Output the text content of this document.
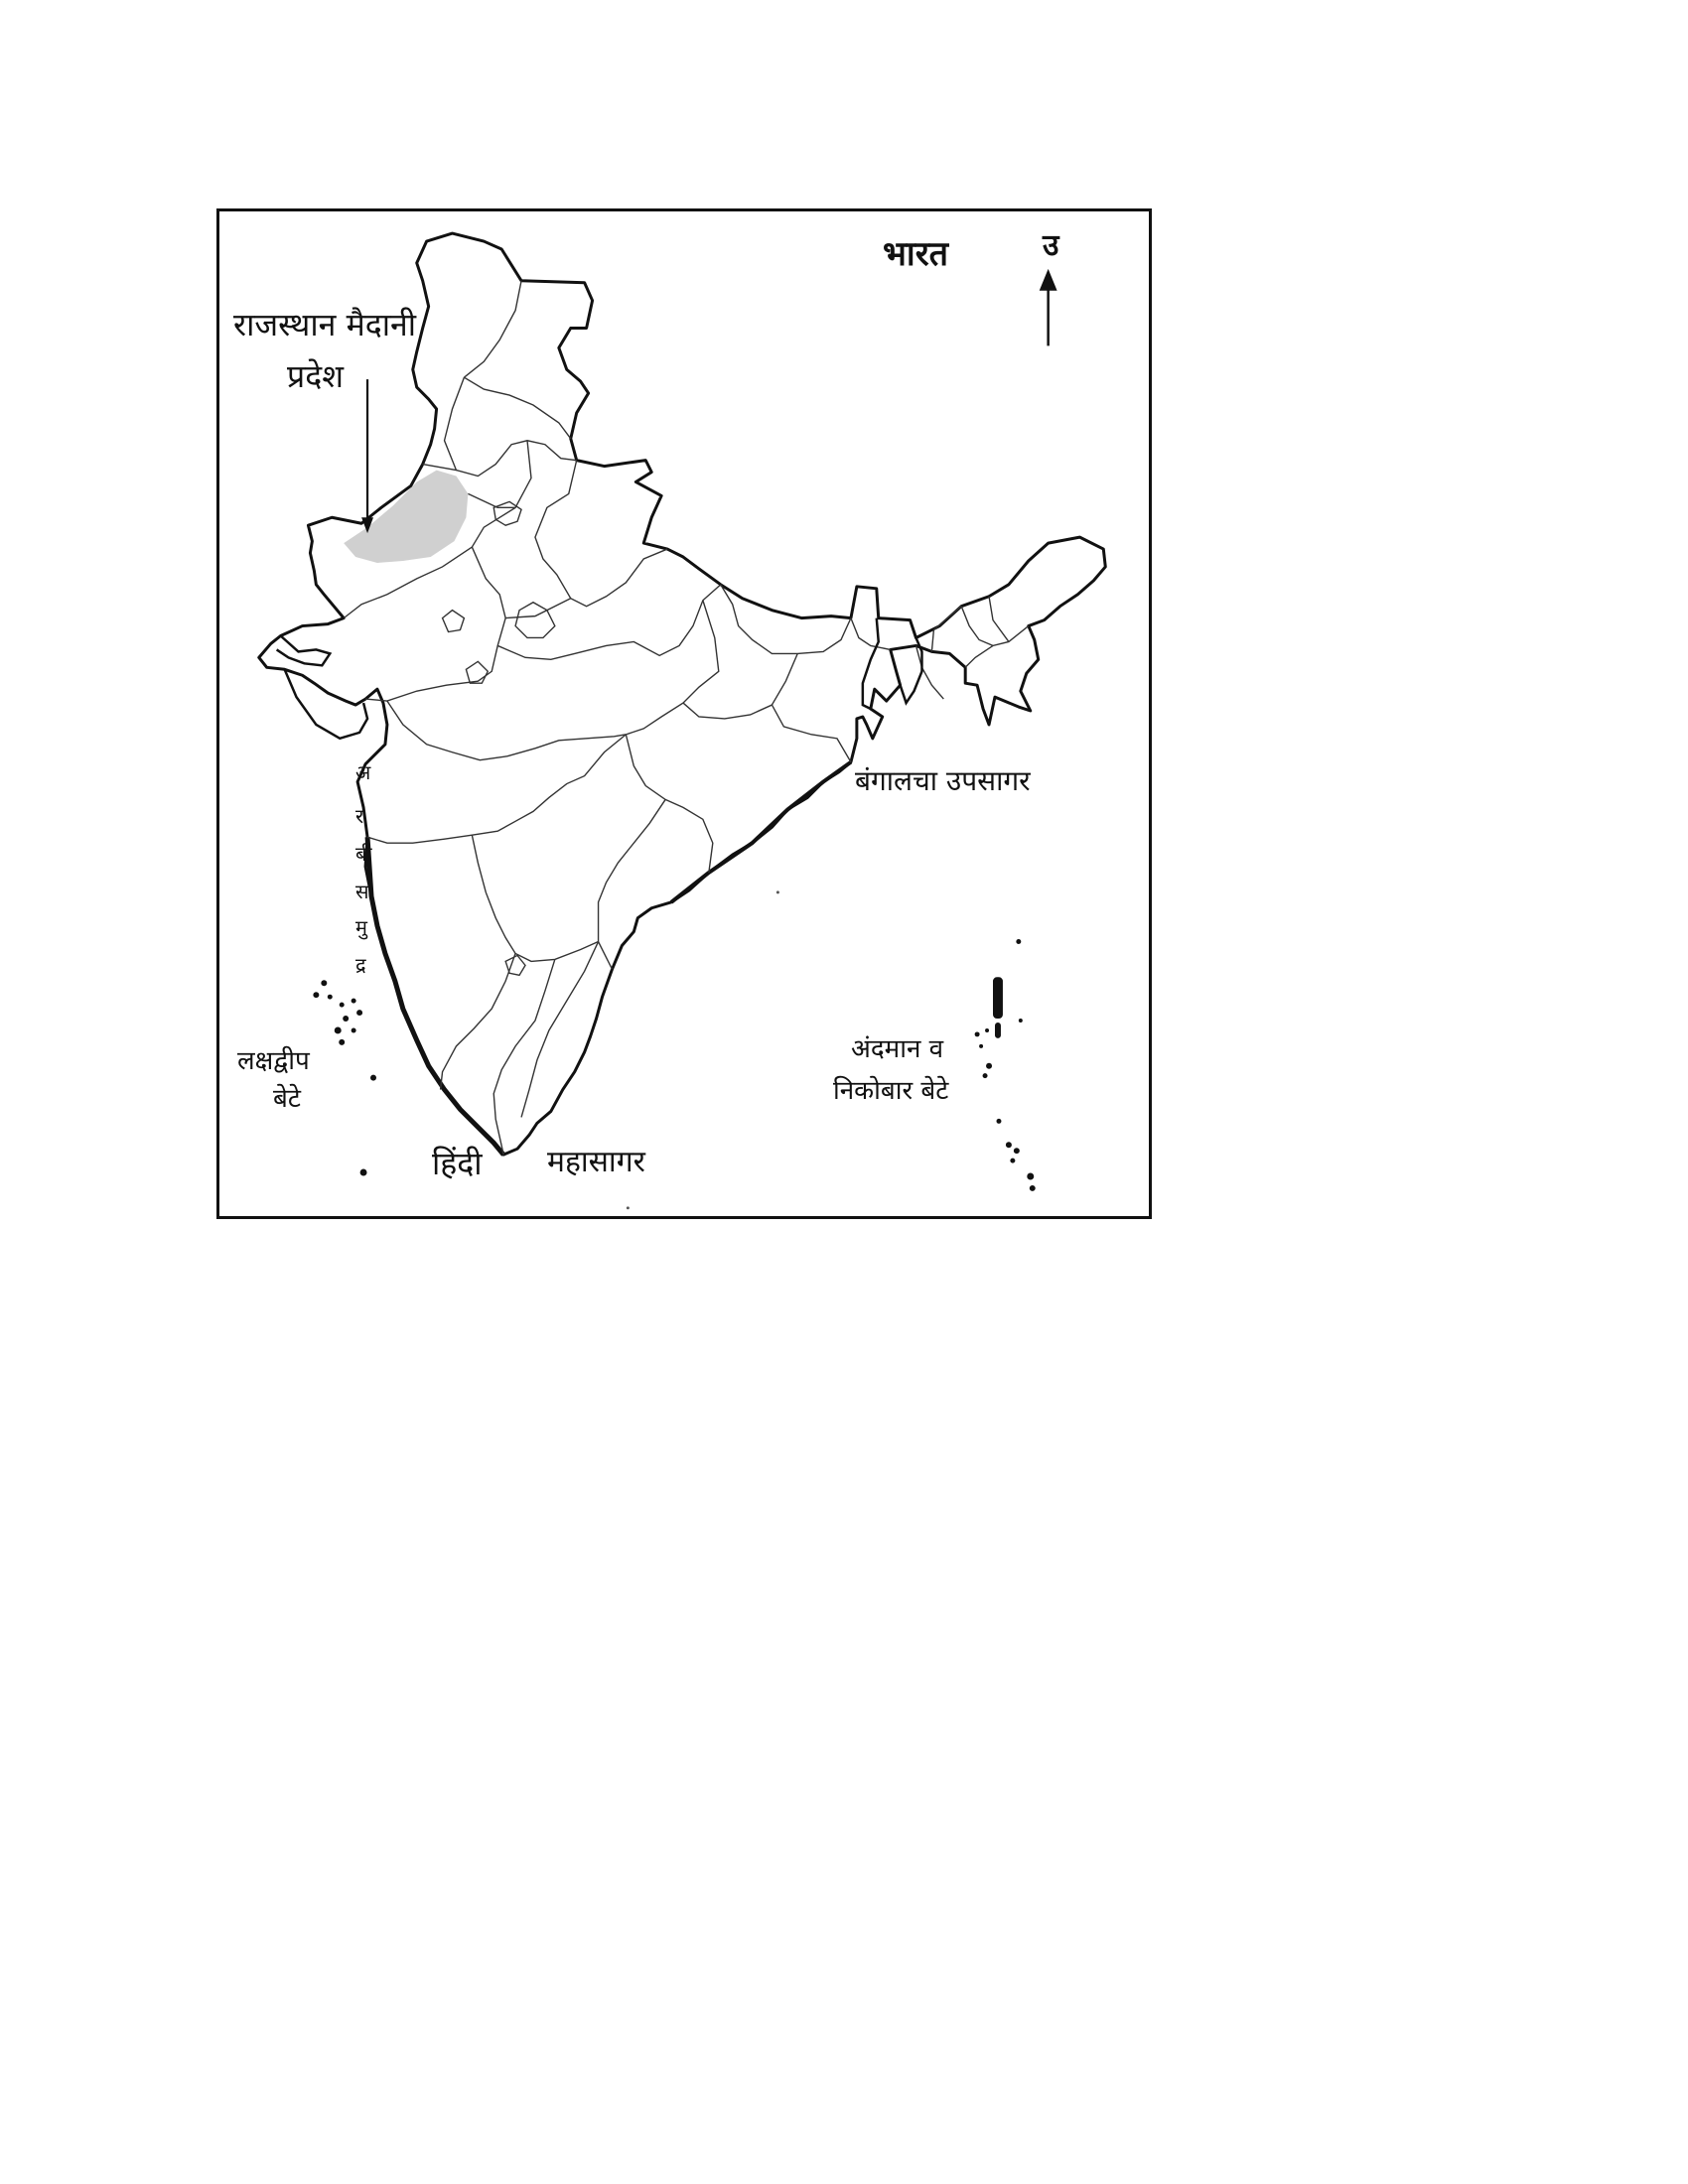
भारत	उ
राजस्थान मैदानी
प्रदेश
बंगालचा उपसागर
अ
र
बी
स
मु
द्र
लक्षद्वीप
बेटे
अंदमान व
निकोबार बेटे
हिंदी महासागर
